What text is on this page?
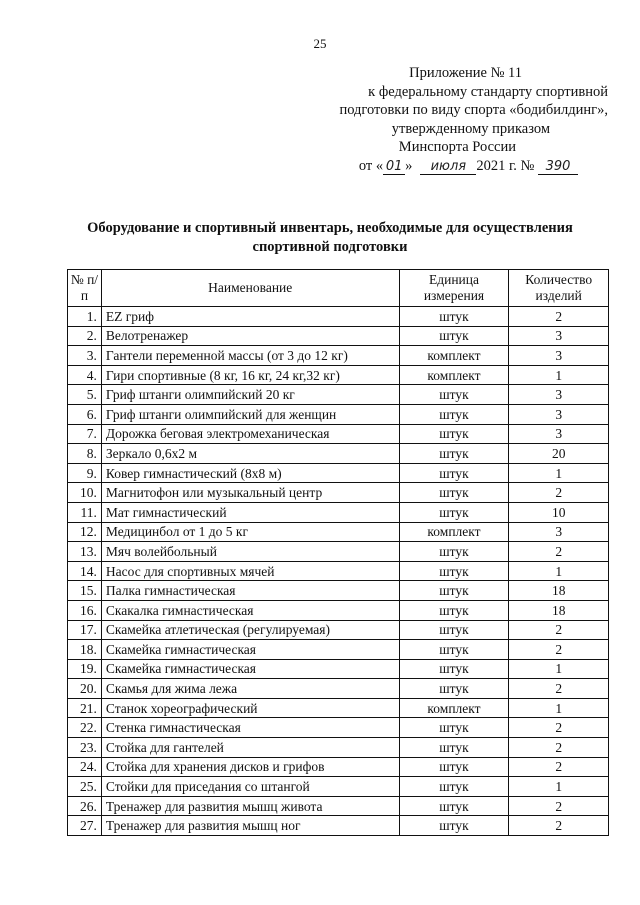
25
Приложение № 11
к федеральному стандарту спортивной
подготовки по виду спорта «бодибилдинг»,
утвержденному приказом
Минспорта России
от « 01 » июля 2021 г. № 390
Оборудование и спортивный инвентарь, необходимые для осуществления спортивной подготовки
№ п/п	Наименование	Единица измерения	Количество изделий
1.	EZ гриф	штук	2
2.	Велотренажер	штук	3
3.	Гантели переменной массы (от 3 до 12 кг)	комплект	3
4.	Гири спортивные (8 кг, 16 кг, 24 кг,32 кг)	комплект	1
5.	Гриф штанги олимпийский 20 кг	штук	3
6.	Гриф штанги олимпийский для женщин	штук	3
7.	Дорожка беговая электромеханическая	штук	3
8.	Зеркало 0,6х2 м	штук	20
9.	Ковер гимнастический (8х8 м)	штук	1
10.	Магнитофон или музыкальный центр	штук	2
11.	Мат гимнастический	штук	10
12.	Медицинбол от 1 до 5 кг	комплект	3
13.	Мяч волейбольный	штук	2
14.	Насос для спортивных мячей	штук	1
15.	Палка гимнастическая	штук	18
16.	Скакалка гимнастическая	штук	18
17.	Скамейка атлетическая (регулируемая)	штук	2
18.	Скамейка гимнастическая	штук	2
19.	Скамейка гимнастическая	штук	1
20.	Скамья для жима лежа	штук	2
21.	Станок хореографический	комплект	1
22.	Стенка гимнастическая	штук	2
23.	Стойка для гантелей	штук	2
24.	Стойка для хранения дисков и грифов	штук	2
25.	Стойки для приседания со штангой	штук	1
26.	Тренажер для развития мышц живота	штук	2
27.	Тренажер для развития мышц ног	штук	2
